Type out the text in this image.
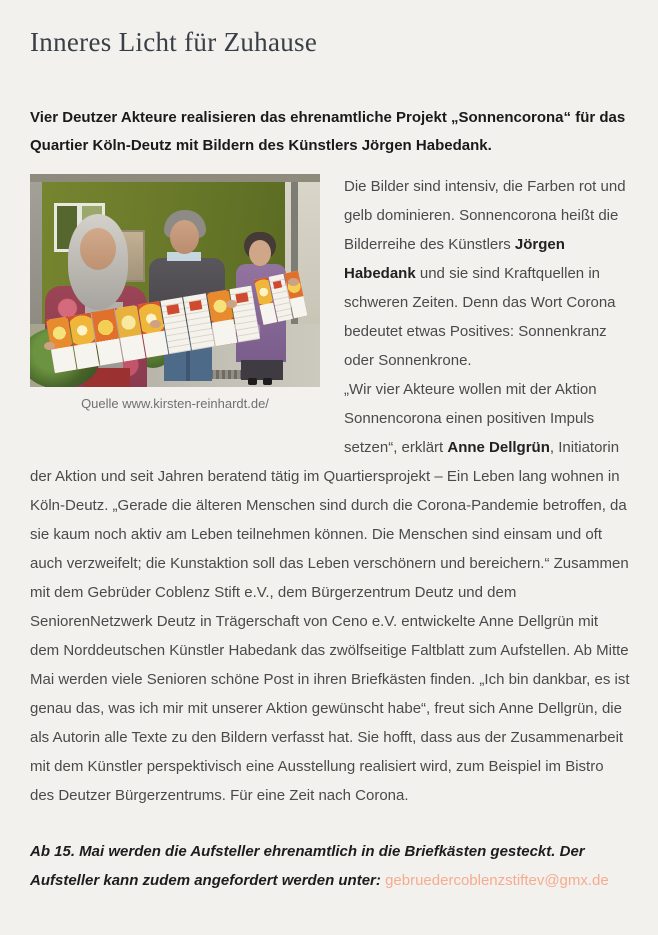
Inneres Licht für Zuhause

Vier Deutzer Akteure realisieren das ehrenamtliche Projekt „Sonnencorona“ für das Quartier Köln-Deutz mit Bildern des Künstlers Jörgen Habedank.

Quelle www.kirsten-reinhardt.de/

Die Bilder sind intensiv, die Farben rot und gelb dominieren. Sonnencorona heißt die Bilderreihe des Künstlers Jörgen Habedank und sie sind Kraftquellen in schweren Zeiten. Denn das Wort Corona bedeutet etwas Positives: Sonnenkranz oder Sonnenkrone.
„Wir vier Akteure wollen mit der Aktion Sonnencorona einen positiven Impuls setzen“, erklärt Anne Dellgrün, Initiatorin der Aktion und seit Jahren beratend tätig im Quartiersprojekt – Ein Leben lang wohnen in Köln-Deutz. „Gerade die älteren Menschen sind durch die Corona-Pandemie betroffen, da sie kaum noch aktiv am Leben teilnehmen können. Die Menschen sind einsam und oft auch verzweifelt; die Kunstaktion soll das Leben verschönern und bereichern.“ Zusammen mit dem Gebrüder Coblenz Stift e.V., dem Bürgerzentrum Deutz und dem SeniorenNetzwerk Deutz in Trägerschaft von Ceno e.V. entwickelte Anne Dellgrün mit dem Norddeutschen Künstler Habedank das zwölfseitige Faltblatt zum Aufstellen. Ab Mitte Mai werden viele Senioren schöne Post in ihren Briefkästen finden. „Ich bin dankbar, es ist genau das, was ich mir mit unserer Aktion gewünscht habe“, freut sich Anne Dellgrün, die als Autorin alle Texte zu den Bildern verfasst hat. Sie hofft, dass aus der Zusammenarbeit mit dem Künstler perspektivisch eine Ausstellung realisiert wird, zum Beispiel im Bistro des Deutzer Bürgerzentrums. Für eine Zeit nach Corona.

Ab 15. Mai werden die Aufsteller ehrenamtlich in die Briefkästen gesteckt. Der Aufsteller kann zudem angefordert werden unter: gebruedercoblenzstiftev@gmx.de
